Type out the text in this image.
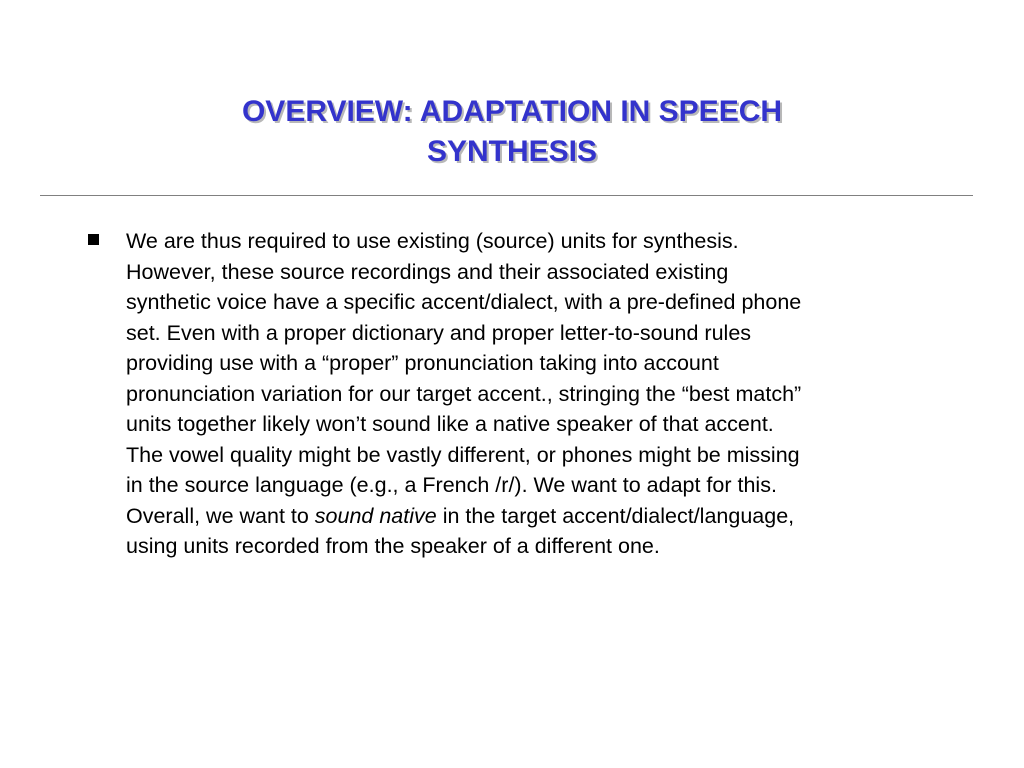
OVERVIEW: ADAPTATION IN SPEECH
SYNTHESIS
We are thus required to use existing (source) units for synthesis.
However, these source recordings and their associated existing
synthetic voice have a specific accent/dialect, with a pre-defined phone
set. Even with a proper dictionary and proper letter-to-sound rules
providing use with a “proper” pronunciation taking into account
pronunciation variation for our target accent., stringing the “best match”
units together likely won’t sound like a native speaker of that accent.
The vowel quality might be vastly different, or phones might be missing
in the source language (e.g., a French /r/). We want to adapt for this.
Overall, we want to sound native in the target accent/dialect/language,
using units recorded from the speaker of a different one.
